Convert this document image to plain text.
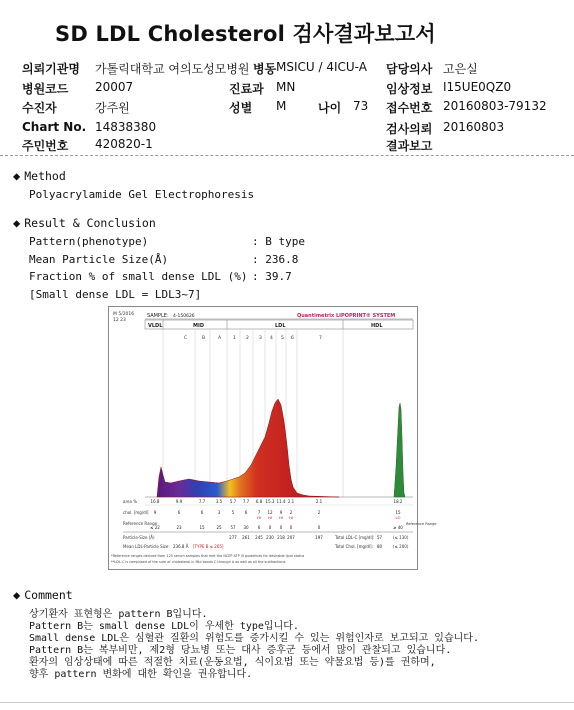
SD LDL Cholesterol 검사결과보고서
의뢰기관명 가톨릭대학교 여의도성모병원 병동 MSICU / 4ICU-A 담당의사 고은실
병원코드 20007	진료과 MN	임상정보 I15UE0QZ0
수진자	강주원	성별 M	나이 73 접수번호 20160803-79132
Chart No. 14838380	검사의뢰 20160803
주민번호 420820-1	결과보고
◆ Method
Polyacrylamide Gel Electrophoresis
◆ Result & Conclusion
Pattern(phenotype)	: B type
Mean Particle Size(Å)	: 236.8
Fraction % of small dense LDL (%) : 39.7
[Small dense LDL = LDL3~7]
M 5/2016
12 23
SAMPLE: 4-150626	Quantimetrix LIPOPRINT® SYSTEM
VLDL	MID	LDL	HDL
C	B	A	1 2 3 4 5 6	7
area %	16.8	9.9	7.7	3.5 5.7 7.7 6.8 15.3 11.4 2.1	2.1	18.2
chol. [mg/dl] 9	6	6	3	5	6	7 12 9 2	2	15
HI HI HI HI	LO
Reference Range
≤ 22	23	15	25 57 30 6 0 0 0	0	≥ 40
Reference Range
Particle-Size (Å)	277 261 245 230 218 207	197	Total LDL-C [mg/dl]: 57	(≤ 130)
Mean LDL-Particle Size: 236.8 Å [TYPE B ≤ 265]	Total Chol. [mg/dl]: 80	(≤ 200)
*Reference ranges derived from 125 serum samples that met the NCEP ATP III guidelines for desirable lipid status
**LDL-C is comprised of the sum of cholesterol in Mid bands C through A as well as all the subfractions
◆ Comment
상기환자 표현형은 pattern B입니다.
Pattern B는 small dense LDL이 우세한 type입니다.
Small dense LDL은 심혈관 질환의 위험도를 증가시킬 수 있는 위험인자로 보고되고 있습니다.
Pattern B는 복부비만, 제2형 당뇨병 또는 대사 증후군 등에서 많이 관찰되고 있습니다.
환자의 임상상태에 따른 적절한 치료(운동요법, 식이요법 또는 약물요법 등)를 권하며,
향후 pattern 변화에 대한 확인을 권유합니다.
